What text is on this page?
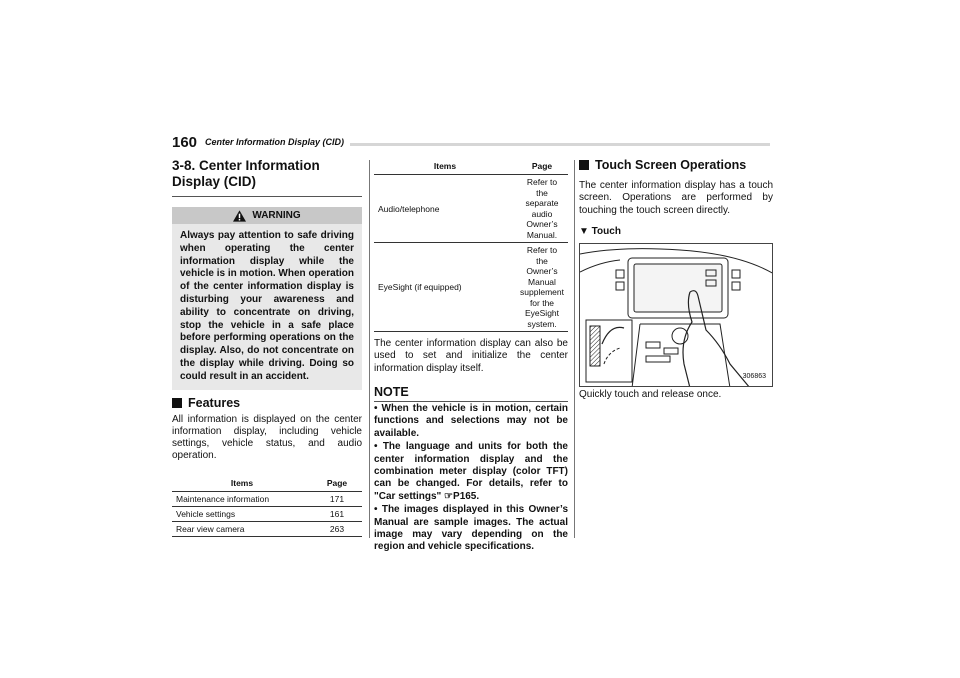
160 Center Information Display (CID)
3-8. Center Information Display (CID)
WARNING
Always pay attention to safe driving when operating the center information display while the vehicle is in motion. When operation of the center information display is disturbing your awareness and ability to concentrate on driving, stop the vehicle in a safe place before performing operations on the display. Also, do not concentrate on the display while driving. Doing so could result in an accident.
Features
All information is displayed on the center information display, including vehicle settings, vehicle status, and audio operation.
Items	Page
Maintenance information	171
Vehicle settings	161
Rear view camera	263
Items	Page
Audio/telephone	Refer to the separate audio Owner’s Manual.
EyeSight (if equipped)	Refer to the Owner’s Manual supplement for the EyeSight system.
The center information display can also be used to set and initialize the center information display itself.
NOTE
• When the vehicle is in motion, certain functions and selections may not be available.
• The language and units for both the center information display and the combination meter display (color TFT) can be changed. For details, refer to "Car settings" ☞P165.
• The images displayed in this Owner’s Manual are sample images. The actual image may vary depending on the region and vehicle specifications.
Touch Screen Operations
The center information display has a touch screen. Operations are performed by touching the touch screen directly.
▼ Touch
306863
Quickly touch and release once.
